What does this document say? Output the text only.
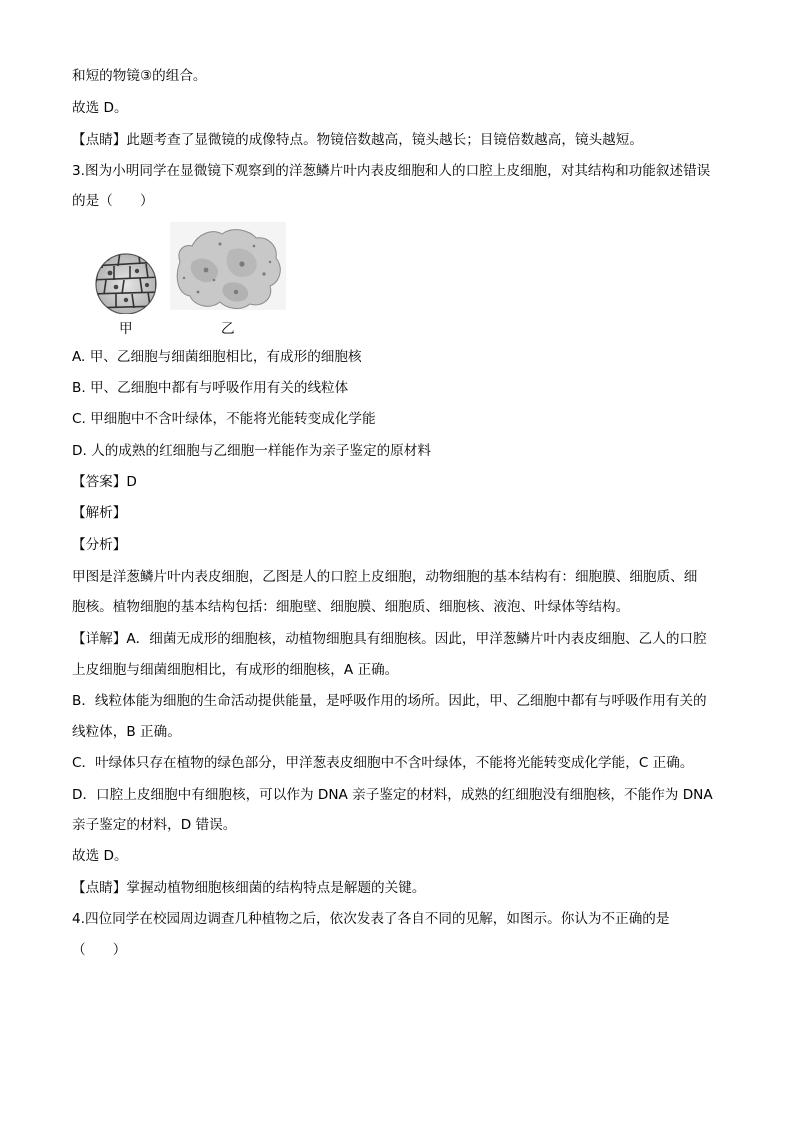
和短的物镜③的组合。
故选 D。
【点睛】此题考查了显微镜的成像特点。物镜倍数越高，镜头越长；目镜倍数越高，镜头越短。
3.图为小明同学在显微镜下观察到的洋葱鳞片叶内表皮细胞和人的口腔上皮细胞，对其结构和功能叙述错误
的是（　　）
甲	乙
A. 甲、乙细胞与细菌细胞相比，有成形的细胞核
B. 甲、乙细胞中都有与呼吸作用有关的线粒体
C. 甲细胞中不含叶绿体，不能将光能转变成化学能
D. 人的成熟的红细胞与乙细胞一样能作为亲子鉴定的原材料
【答案】D
【解析】
【分析】
甲图是洋葱鳞片叶内表皮细胞，乙图是人的口腔上皮细胞，动物细胞的基本结构有：细胞膜、细胞质、细
胞核。植物细胞的基本结构包括：细胞壁、细胞膜、细胞质、细胞核、液泡、叶绿体等结构。
【详解】A．细菌无成形的细胞核，动植物细胞具有细胞核。因此，甲洋葱鳞片叶内表皮细胞、乙人的口腔
上皮细胞与细菌细胞相比，有成形的细胞核，A 正确。
B．线粒体能为细胞的生命活动提供能量，是呼吸作用的场所。因此，甲、乙细胞中都有与呼吸作用有关的
线粒体，B 正确。
C．叶绿体只存在植物的绿色部分，甲洋葱表皮细胞中不含叶绿体，不能将光能转变成化学能，C 正确。
D．口腔上皮细胞中有细胞核，可以作为 DNA 亲子鉴定的材料，成熟的红细胞没有细胞核，不能作为 DNA
亲子鉴定的材料，D 错误。
故选 D。
【点睛】掌握动植物细胞核细菌的结构特点是解题的关键。
4.四位同学在校园周边调查几种植物之后，依次发表了各自不同的见解，如图示。你认为不正确的是
（　　）
